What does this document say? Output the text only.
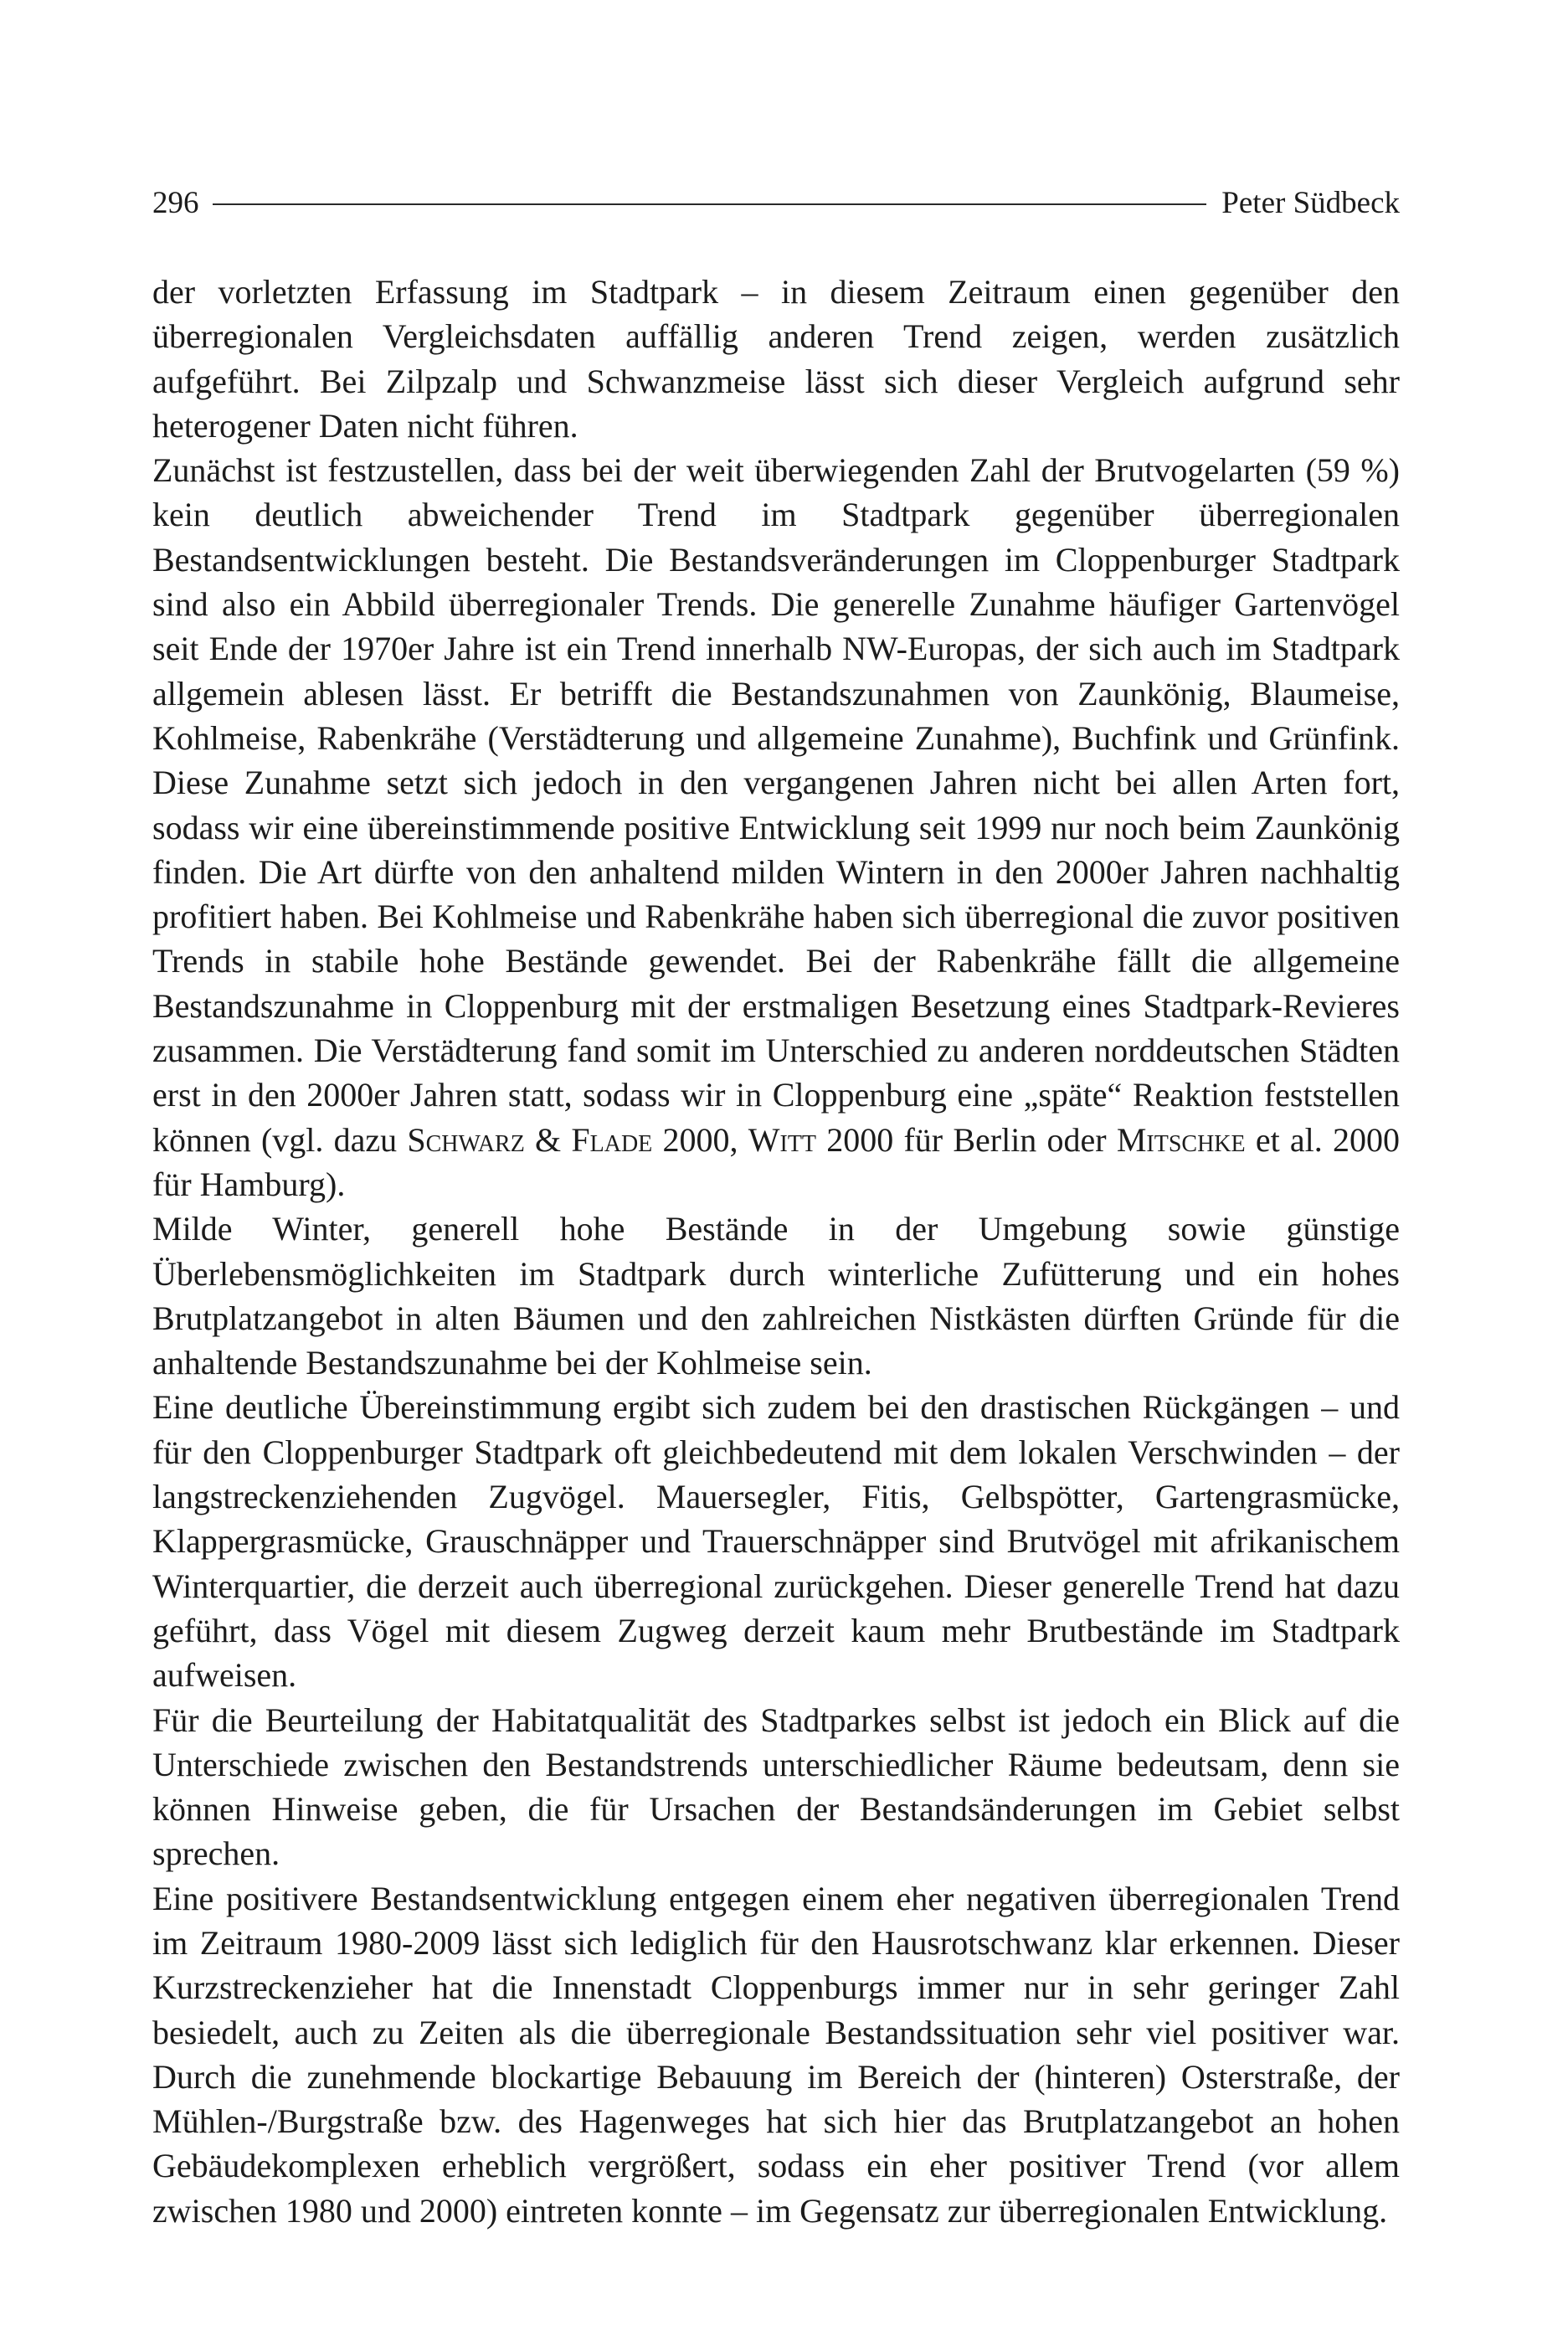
296	Peter Südbeck

der vorletzten Erfassung im Stadtpark – in diesem Zeitraum einen gegenüber den überregionalen Vergleichsdaten auffällig anderen Trend zeigen, werden zusätzlich aufgeführt. Bei Zilpzalp und Schwanzmeise lässt sich dieser Vergleich aufgrund sehr heterogener Daten nicht führen.

Zunächst ist festzustellen, dass bei der weit überwiegenden Zahl der Brutvogelarten (59 %) kein deutlich abweichender Trend im Stadtpark gegenüber überregionalen Bestandsentwicklungen besteht. Die Bestandsveränderungen im Cloppenburger Stadtpark sind also ein Abbild überregionaler Trends. Die generelle Zunahme häufiger Gartenvögel seit Ende der 1970er Jahre ist ein Trend innerhalb NW-Europas, der sich auch im Stadtpark allgemein ablesen lässt. Er betrifft die Bestandszunahmen von Zaunkönig, Blaumeise, Kohlmeise, Rabenkrähe (Verstädterung und allgemeine Zunahme), Buchfink und Grünfink. Diese Zunahme setzt sich jedoch in den vergangenen Jahren nicht bei allen Arten fort, sodass wir eine übereinstimmende positive Entwicklung seit 1999 nur noch beim Zaunkönig finden. Die Art dürfte von den anhaltend milden Wintern in den 2000er Jahren nachhaltig profitiert haben. Bei Kohlmeise und Rabenkrähe haben sich überregional die zuvor positiven Trends in stabile hohe Bestände gewendet. Bei der Rabenkrähe fällt die allgemeine Bestandszunahme in Cloppenburg mit der erstmaligen Besetzung eines Stadtpark-Revieres zusammen. Die Verstädterung fand somit im Unterschied zu anderen norddeutschen Städten erst in den 2000er Jahren statt, sodass wir in Cloppenburg eine „späte“ Reaktion feststellen können (vgl. dazu Schwarz & Flade 2000, Witt 2000 für Berlin oder Mitschke et al. 2000 für Hamburg).

Milde Winter, generell hohe Bestände in der Umgebung sowie günstige Überlebensmöglichkeiten im Stadtpark durch winterliche Zufütterung und ein hohes Brutplatzangebot in alten Bäumen und den zahlreichen Nistkästen dürften Gründe für die anhaltende Bestandszunahme bei der Kohlmeise sein.

Eine deutliche Übereinstimmung ergibt sich zudem bei den drastischen Rückgängen – und für den Cloppenburger Stadtpark oft gleichbedeutend mit dem lokalen Verschwinden – der langstreckenziehenden Zugvögel. Mauersegler, Fitis, Gelbspötter, Gartengrasmücke, Klappergrasmücke, Grauschnäpper und Trauerschnäpper sind Brutvögel mit afrikanischem Winterquartier, die derzeit auch überregional zurückgehen. Dieser generelle Trend hat dazu geführt, dass Vögel mit diesem Zugweg derzeit kaum mehr Brutbestände im Stadtpark aufweisen.

Für die Beurteilung der Habitatqualität des Stadtparkes selbst ist jedoch ein Blick auf die Unterschiede zwischen den Bestandstrends unterschiedlicher Räume bedeutsam, denn sie können Hinweise geben, die für Ursachen der Bestandsänderungen im Gebiet selbst sprechen.

Eine positivere Bestandsentwicklung entgegen einem eher negativen überregionalen Trend im Zeitraum 1980-2009 lässt sich lediglich für den Hausrotschwanz klar erkennen. Dieser Kurzstreckenzieher hat die Innenstadt Cloppenburgs immer nur in sehr geringer Zahl besiedelt, auch zu Zeiten als die überregionale Bestandssituation sehr viel positiver war. Durch die zunehmende blockartige Bebauung im Bereich der (hinteren) Osterstraße, der Mühlen-/Burgstraße bzw. des Hagenweges hat sich hier das Brutplatzangebot an hohen Gebäudekomplexen erheblich vergrößert, sodass ein eher positiver Trend (vor allem zwischen 1980 und 2000) eintreten konnte – im Gegensatz zur überregionalen Entwicklung.
